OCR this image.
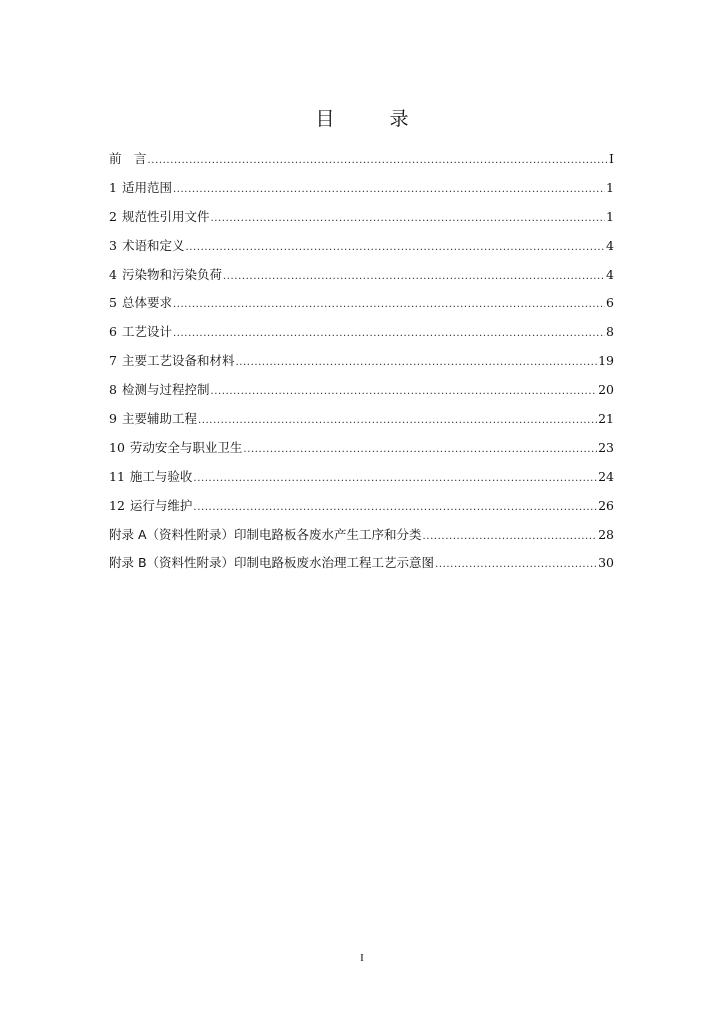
目　录
前　言 .....	I
1 适用范围 .....	1
2 规范性引用文件 .....	1
3 术语和定义 .....	4
4 污染物和污染负荷 .....	4
5 总体要求 .....	6
6 工艺设计 .....	8
7 主要工艺设备和材料 .....	19
8 检测与过程控制 .....	20
9 主要辅助工程 .....	21
10 劳动安全与职业卫生 .....	23
11 施工与验收 .....	24
12 运行与维护 .....	26
附录 A（资料性附录）印制电路板各废水产生工序和分类 .....	28
附录 B（资料性附录）印制电路板废水治理工程工艺示意图 .....	30
I
